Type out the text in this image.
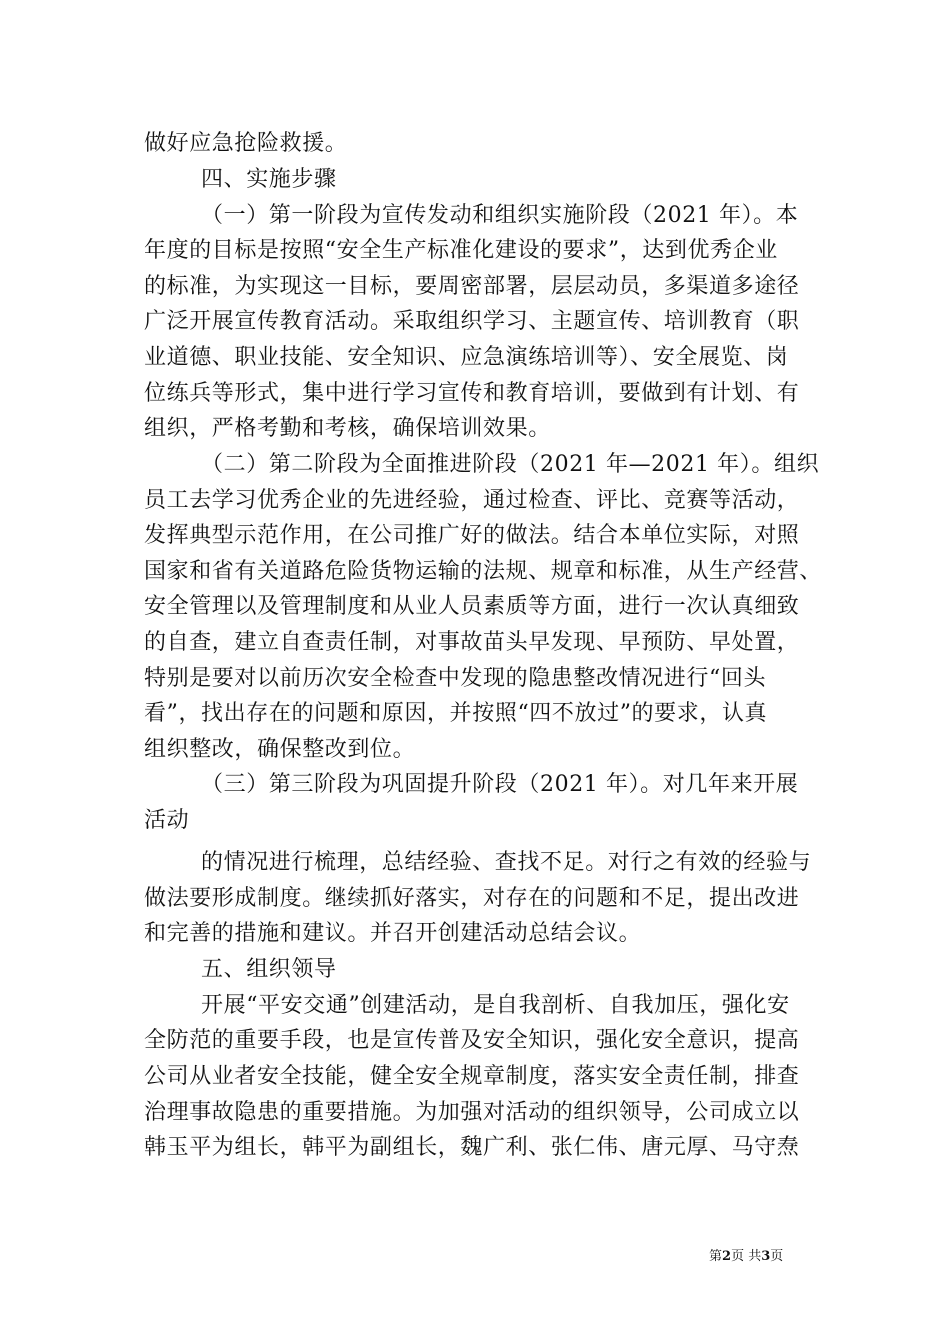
做好应急抢险救援。
四、实施步骤
（一）第一阶段为宣传发动和组织实施阶段（2021 年）。本
年度的目标是按照“安全生产标准化建设的要求”，达到优秀企业
的标准，为实现这一目标，要周密部署，层层动员，多渠道多途径
广泛开展宣传教育活动。采取组织学习、主题宣传、培训教育（职
业道德、职业技能、安全知识、应急演练培训等）、安全展览、岗
位练兵等形式，集中进行学习宣传和教育培训，要做到有计划、有
组织，严格考勤和考核，确保培训效果。
（二）第二阶段为全面推进阶段（2021 年—2021 年）。组织
员工去学习优秀企业的先进经验，通过检查、评比、竞赛等活动，
发挥典型示范作用，在公司推广好的做法。结合本单位实际，对照
国家和省有关道路危险货物运输的法规、规章和标准，从生产经营、
安全管理以及管理制度和从业人员素质等方面，进行一次认真细致
的自查，建立自查责任制，对事故苗头早发现、早预防、早处置，
特别是要对以前历次安全检查中发现的隐患整改情况进行“回头
看”，找出存在的问题和原因，并按照“四不放过”的要求，认真
组织整改，确保整改到位。
（三）第三阶段为巩固提升阶段（2021 年）。对几年来开展
活动
的情况进行梳理，总结经验、查找不足。对行之有效的经验与
做法要形成制度。继续抓好落实，对存在的问题和不足，提出改进
和完善的措施和建议。并召开创建活动总结会议。
五、组织领导
开展“平安交通”创建活动，是自我剖析、自我加压，强化安
全防范的重要手段，也是宣传普及安全知识，强化安全意识，提高
公司从业者安全技能，健全安全规章制度，落实安全责任制，排查
治理事故隐患的重要措施。为加强对活动的组织领导，公司成立以
韩玉平为组长，韩平为副组长，魏广利、张仁伟、唐元厚、马守焘
第2页 共3页
